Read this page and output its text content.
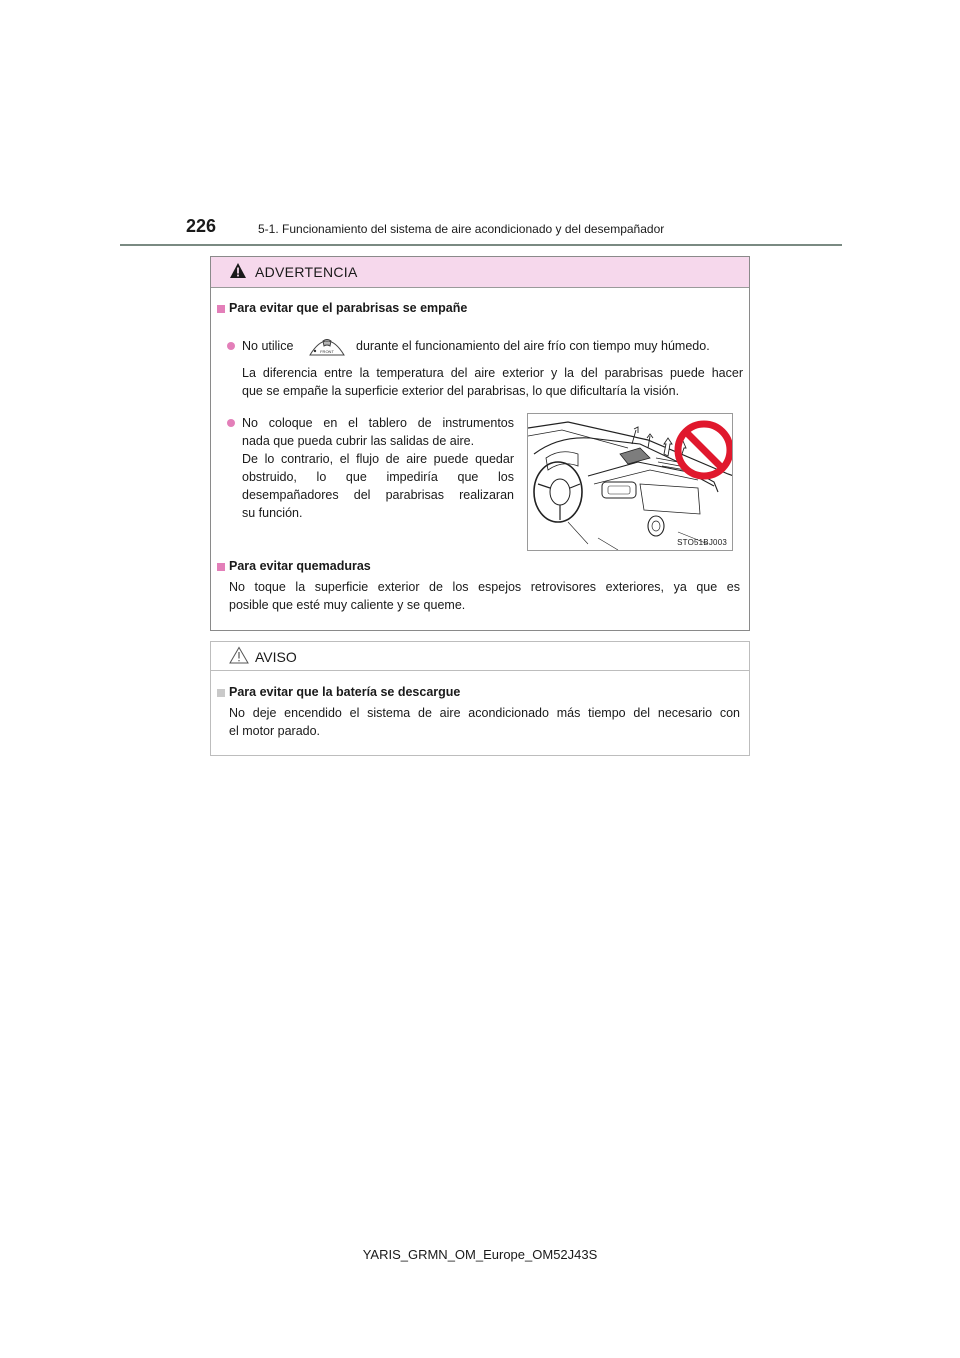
226	5-1. Funcionamiento del sistema de aire acondicionado y del desempañador
ADVERTENCIA
Para evitar que el parabrisas se empañe
No utilice	FRONT durante el funcionamiento del aire frío con tiempo muy húmedo.
La diferencia entre la temperatura del aire exterior y la del parabrisas puede hacer
que se empañe la superficie exterior del parabrisas, lo que dificultaría la visión.
No coloque en el tablero de instrumentos
nada que pueda cubrir las salidas de aire.
De lo contrario, el flujo de aire puede quedar
obstruido, lo que impediría que los
desempañadores del parabrisas realizaran
su función.
STO51BJ003
Para evitar quemaduras
No toque la superficie exterior de los espejos retrovisores exteriores, ya que es
posible que esté muy caliente y se queme.
AVISO
Para evitar que la batería se descargue
No deje encendido el sistema de aire acondicionado más tiempo del necesario con
el motor parado.
YARIS_GRMN_OM_Europe_OM52J43S
